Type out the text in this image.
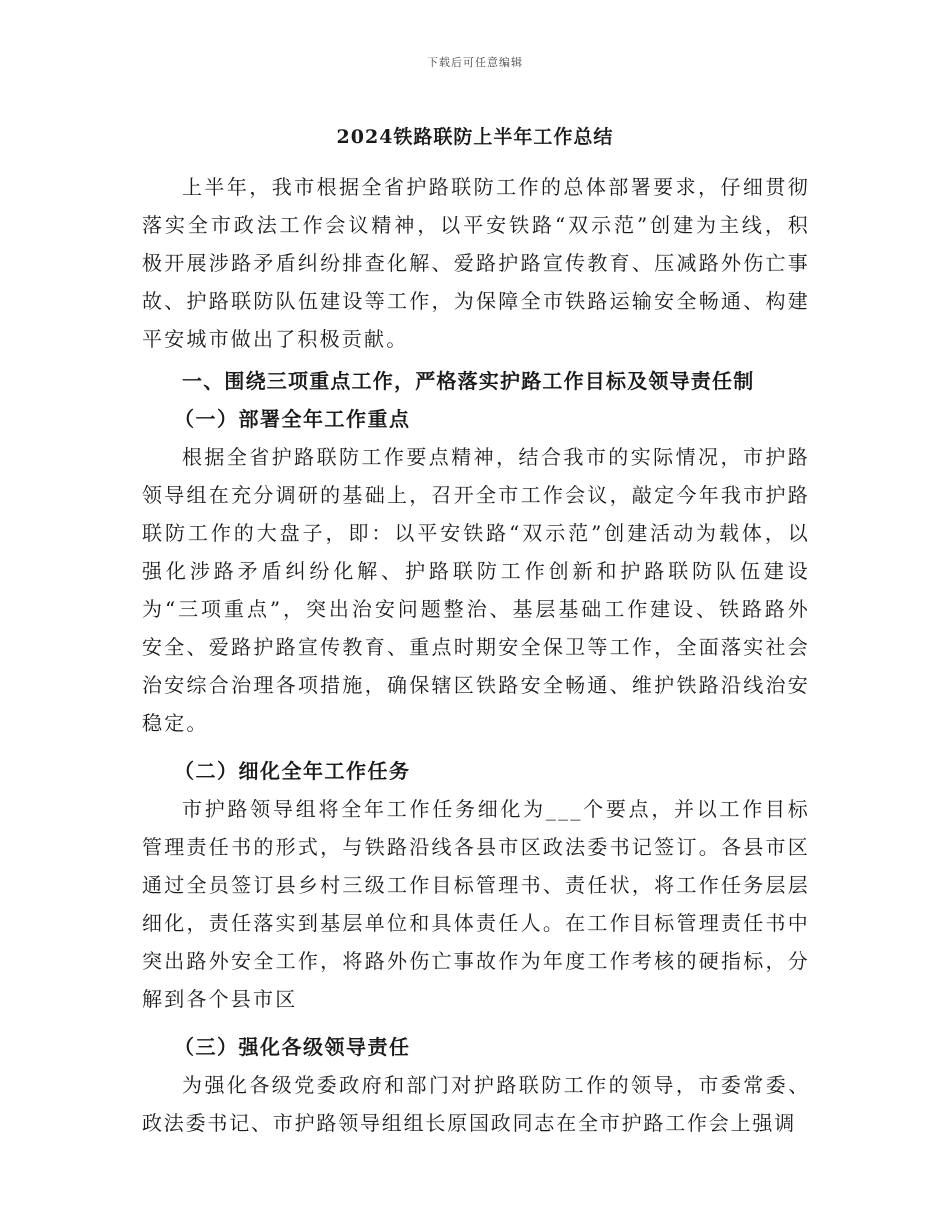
下载后可任意编辑
2024铁路联防上半年工作总结

上半年，我市根据全省护路联防工作的总体部署要求，仔细贯彻落实全市政法工作会议精神，以平安铁路“双示范”创建为主线，积极开展涉路矛盾纠纷排查化解、爱路护路宣传教育、压减路外伤亡事故、护路联防队伍建设等工作，为保障全市铁路运输安全畅通、构建平安城市做出了积极贡献。

一、围绕三项重点工作，严格落实护路工作目标及领导责任制
（一）部署全年工作重点

根据全省护路联防工作要点精神，结合我市的实际情况，市护路领导组在充分调研的基础上，召开全市工作会议，敲定今年我市护路联防工作的大盘子，即：以平安铁路“双示范”创建活动为载体，以强化涉路矛盾纠纷化解、护路联防工作创新和护路联防队伍建设为“三项重点”，突出治安问题整治、基层基础工作建设、铁路路外安全、爱路护路宣传教育、重点时期安全保卫等工作，全面落实社会治安综合治理各项措施，确保辖区铁路安全畅通、维护铁路沿线治安稳定。

（二）细化全年工作任务

市护路领导组将全年工作任务细化为___个要点，并以工作目标管理责任书的形式，与铁路沿线各县市区政法委书记签订。各县市区通过全员签订县乡村三级工作目标管理书、责任状，将工作任务层层细化，责任落实到基层单位和具体责任人。在工作目标管理责任书中突出路外安全工作，将路外伤亡事故作为年度工作考核的硬指标，分解到各个县市区

（三）强化各级领导责任

为强化各级党委政府和部门对护路联防工作的领导，市委常委、政法委书记、市护路领导组组长原国政同志在全市护路工作会上强调
